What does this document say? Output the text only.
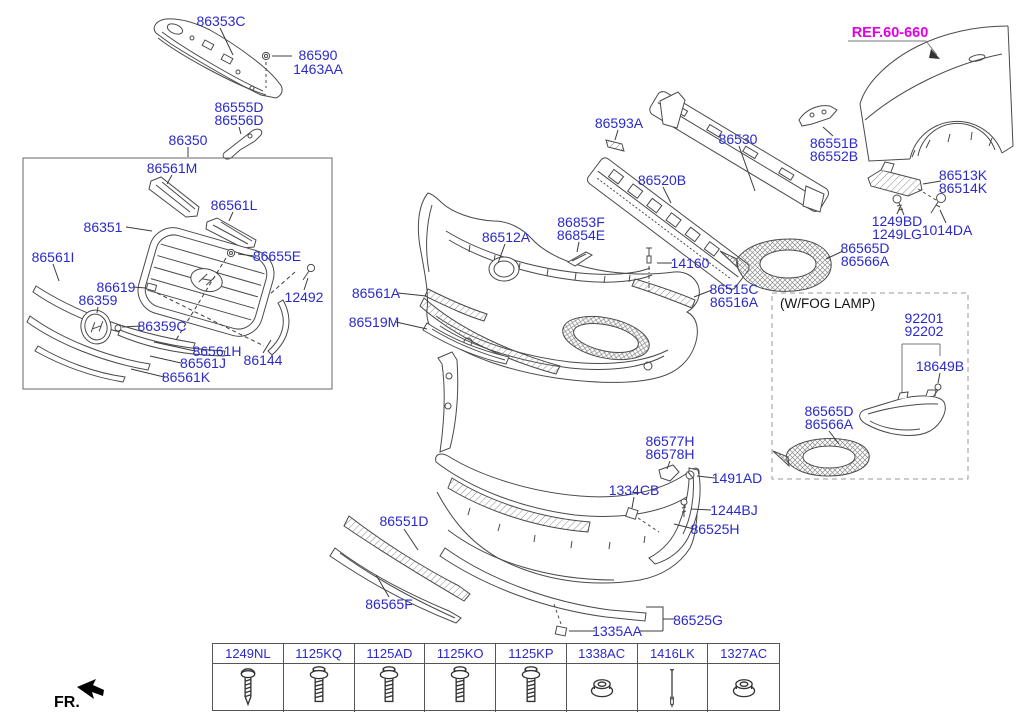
86353C
86590
1463AA
86555D
86556D
86350
86561M
86561L
86351
86561I	86655E
86619
86359	12492
86359C
86561H
86561J 86144
86561K
86561A
86519M
86512A
86853F
86854E
86593A
86520B
86530	86551B
86552B
86513K
86514K
1249BD
1249LG 1014DA
14160
86515C
86516A
86565D
86566A
92201
92202
18649B
86565D
86566A
86577H
86578H
1491AD
1334CB
1244BJ
86525H
86551D
86565F
1335AA
86525G
REF.60-660
(W/FOG LAMP)
FR.
1249NL	1125KQ	1125AD	1125KO	1125KP	1338AC	1416LK	1327AC
